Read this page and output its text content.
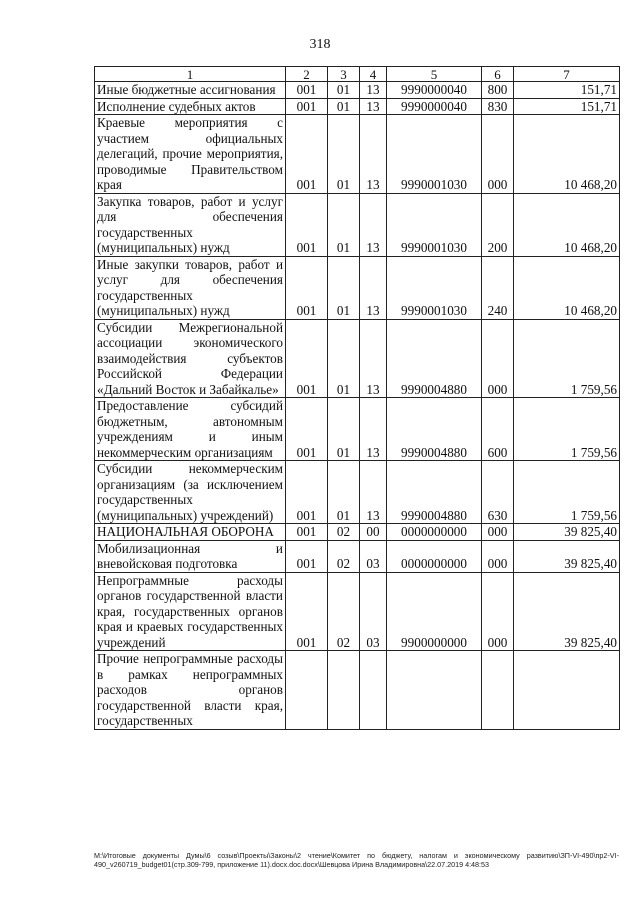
318
1	2	3	4	5	6	7
Иные бюджетные ассигнования	001	01	13	9990000040	800	151,71
Исполнение судебных актов	001	01	13	9990000040	830	151,71
Краевые мероприятия с участием официальных делегаций, прочие мероприятия, проводимые Правительством края	001	01	13	9990001030	000	10 468,20
Закупка товаров, работ и услуг для обеспечения государственных (муниципальных) нужд	001	01	13	9990001030	200	10 468,20
Иные закупки товаров, работ и услуг для обеспечения государственных (муниципальных) нужд	001	01	13	9990001030	240	10 468,20
Субсидии Межрегиональной ассоциации экономического взаимодействия субъектов Российской Федерации «Дальний Восток и Забайкалье»	001	01	13	9990004880	000	1 759,56
Предоставление субсидий бюджетным, автономным учреждениям и иным некоммерческим организациям	001	01	13	9990004880	600	1 759,56
Субсидии некоммерческим организациям (за исключением государственных (муниципальных) учреждений)	001	01	13	9990004880	630	1 759,56
НАЦИОНАЛЬНАЯ ОБОРОНА	001	02	00	0000000000	000	39 825,40
Мобилизационная и вневойсковая подготовка	001	02	03	0000000000	000	39 825,40
Непрограммные расходы органов государственной власти края, государственных органов края и краевых государственных учреждений	001	02	03	9900000000	000	39 825,40
Прочие непрограммные расходы в рамках непрограммных расходов органов государственной власти края, государственных						
M:\Итоговые документы Думы\6 созыв\Проекты\Законы\2 чтение\Комитет по бюджету, налогам и экономическому развитию\ЗП-VI-490\пр2-VI-490_v260719_budget01(стр.309-799, приложение 11).docx.doc.docx\Шевцова Ирина Владимировна\22.07.2019 4:48:53
